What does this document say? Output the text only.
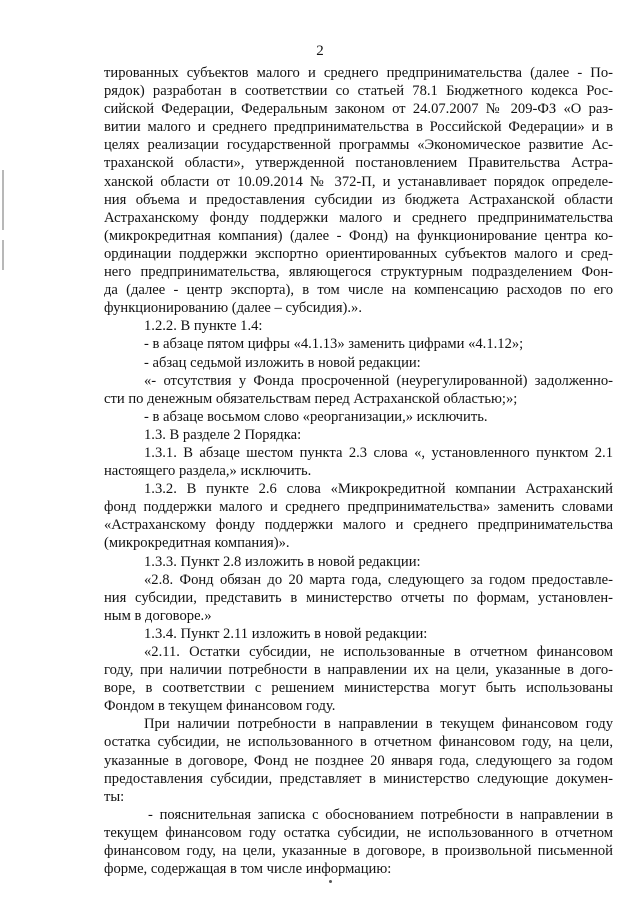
2
тированных субъектов малого и среднего предпринимательства (далее - По-
рядок) разработан в соответствии со статьей 78.1 Бюджетного кодекса Рос-
сийской Федерации, Федеральным законом от 24.07.2007 № 209-ФЗ «О раз-
витии малого и среднего предпринимательства в Российской Федерации» и в
целях реализации государственной программы «Экономическое развитие Ас-
траханской области», утвержденной постановлением Правительства Астра-
ханской области от 10.09.2014 № 372-П, и устанавливает порядок определе-
ния объема и предоставления субсидии из бюджета Астраханской области
Астраханскому фонду поддержки малого и среднего предпринимательства
(микрокредитная компания) (далее - Фонд) на функционирование центра ко-
ординации поддержки экспортно ориентированных субъектов малого и сред-
него предпринимательства, являющегося структурным подразделением Фон-
да (далее - центр экспорта), в том числе на компенсацию расходов по его
функционированию (далее – субсидия).».
1.2.2. В пункте 1.4:
- в абзаце пятом цифры «4.1.13» заменить цифрами «4.1.12»;
- абзац седьмой изложить в новой редакции:
«- отсутствия у Фонда просроченной (неурегулированной) задолженно-
сти по денежным обязательствам перед Астраханской областью;»;
- в абзаце восьмом слово «реорганизации,» исключить.
1.3. В разделе 2 Порядка:
1.3.1. В абзаце шестом пункта 2.3 слова «, установленного пунктом 2.1
настоящего раздела,» исключить.
1.3.2. В пункте 2.6 слова «Микрокредитной компании Астраханский
фонд поддержки малого и среднего предпринимательства» заменить словами
«Астраханскому фонду поддержки малого и среднего предпринимательства
(микрокредитная компания)».
1.3.3. Пункт 2.8 изложить в новой редакции:
«2.8. Фонд обязан до 20 марта года, следующего за годом предоставле-
ния субсидии, представить в министерство отчеты по формам, установлен-
ным в договоре.»
1.3.4. Пункт 2.11 изложить в новой редакции:
«2.11. Остатки субсидии, не использованные в отчетном финансовом
году, при наличии потребности в направлении их на цели, указанные в дого-
воре, в соответствии с решением министерства могут быть использованы
Фондом в текущем финансовом году.
При наличии потребности в направлении в текущем финансовом году
остатка субсидии, не использованного в отчетном финансовом году, на цели,
указанные в договоре, Фонд не позднее 20 января года, следующего за годом
предоставления субсидии, представляет в министерство следующие докумен-
ты:
- пояснительная записка с обоснованием потребности в направлении в
текущем финансовом году остатка субсидии, не использованного в отчетном
финансовом году, на цели, указанные в договоре, в произвольной письменной
форме, содержащая в том числе информацию:
